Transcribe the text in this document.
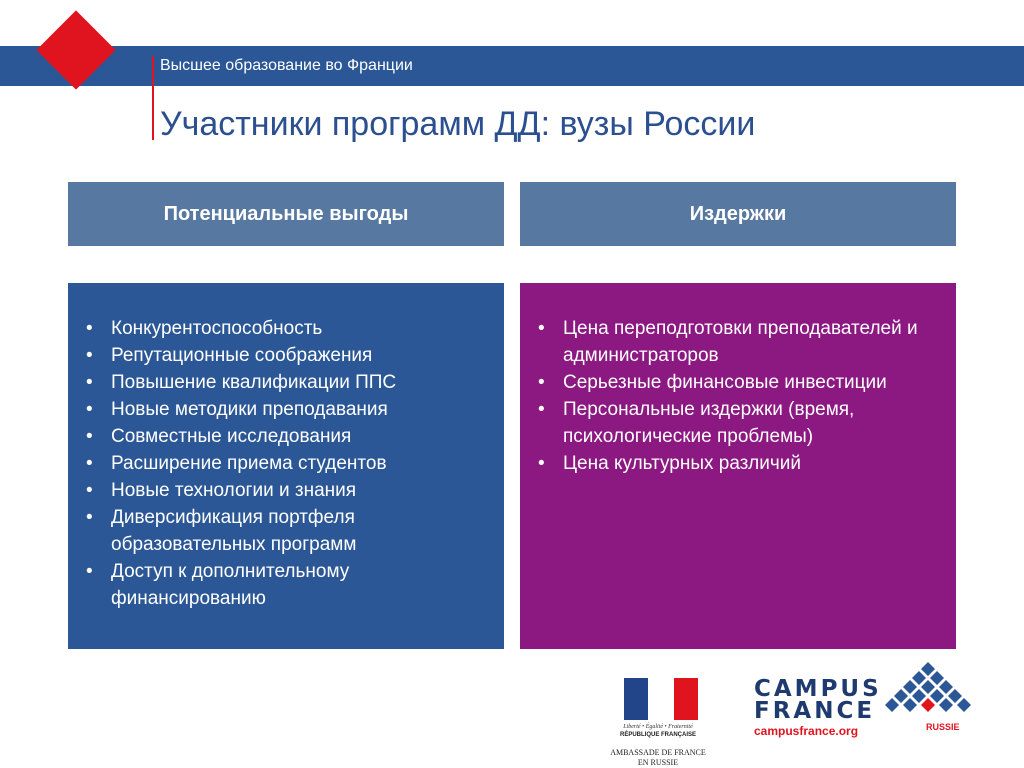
Высшее образование во Франции
Участники программ ДД: вузы России
Потенциальные выгоды	Издержки
• Конкурентоспособность
• Репутационные соображения
• Повышение квалификации ППС
• Новые методики преподавания
• Совместные исследования
• Расширение приема студентов
• Новые технологии и знания
• Диверсификация портфеля образовательных программ
• Доступ к дополнительному финансированию
• Цена переподготовки преподавателей и администраторов
• Серьезные финансовые инвестиции
• Персональные издержки (время, психологические проблемы)
• Цена культурных различий
Liberté • Égalité • Fraternité
RÉPUBLIQUE FRANÇAISE
AMBASSADE DE FRANCE
EN RUSSIE
CAMPUS
FRANCE
campusfrance.org	RUSSIE
